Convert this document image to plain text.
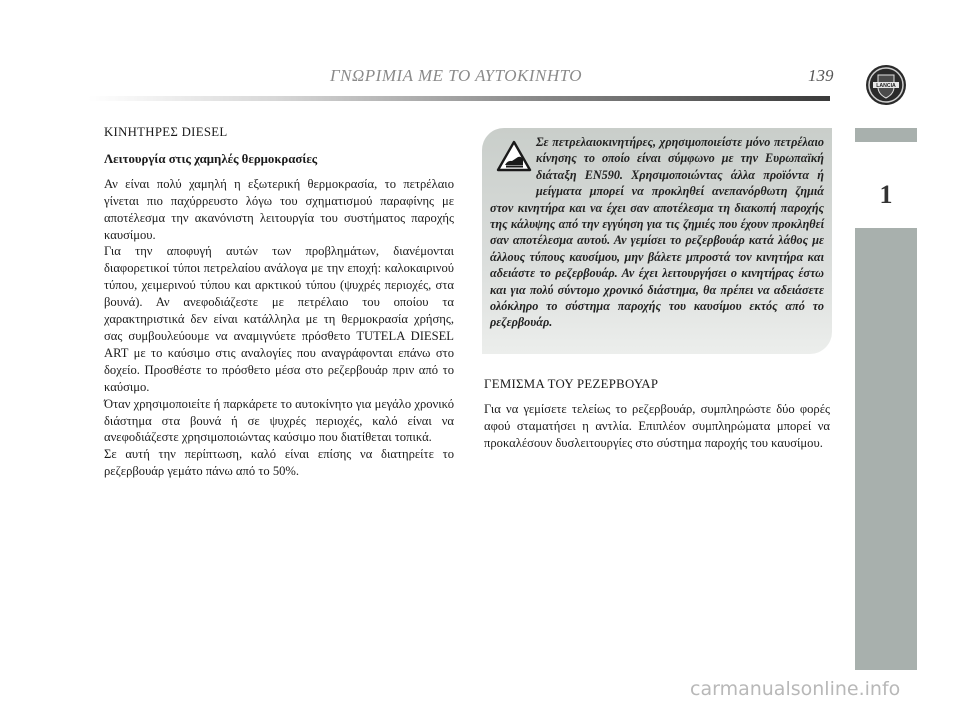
ΓΝΩΡΙΜΙΑ ΜΕ ΤΟ ΑΥΤΟΚΙΝΗΤΟ	139
LANCIA
1
ΚΙΝΗΤΗΡΕΣ DIESEL
Λειτουργία στις χαμηλές θερμοκρασίες

Αν είναι πολύ χαμηλή η εξωτερική θερμοκρασία, το πετρέλαιο γίνεται πιο παχύρρευστο λόγω του σχηματισμού παραφίνης με αποτέλεσμα την ακανόνιστη λειτουργία του συστήματος παροχής καυσίμου.

Για την αποφυγή αυτών των προβλημάτων, διανέμονται διαφορετικοί τύποι πετρελαίου ανάλογα με την εποχή: καλοκαιρινού τύπου, χειμερινού τύπου και αρκτικού τύπου (ψυχρές περιοχές, στα βουνά). Αν ανεφοδιάζεστε με πετρέλαιο του οποίου τα χαρακτηριστικά δεν είναι κατάλληλα με τη θερμοκρασία χρήσης, σας συμβουλεύουμε να αναμιγνύετε πρόσθετο TUTELA DIESEL ART με το καύσιμο στις αναλογίες που αναγράφονται επάνω στο δοχείο. Προσθέστε το πρόσθετο μέσα στο ρεζερβουάρ πριν από το καύσιμο.

Όταν χρησιμοποιείτε ή παρκάρετε το αυτοκίνητο για μεγάλο χρονικό διάστημα στα βουνά ή σε ψυχρές περιοχές, καλό είναι να ανεφοδιάζεστε χρησιμοποιώντας καύσιμο που διατίθεται τοπικά.

Σε αυτή την περίπτωση, καλό είναι επίσης να διατηρείτε το ρεζερβουάρ γεμάτο πάνω από το 50%.

Σε πετρελαιοκινητήρες, χρησιμοποιείστε μόνο πετρέλαιο κίνησης το οποίο είναι σύμφωνο με την Ευρωπαϊκή διάταξη EN590. Χρησιμοποιώντας άλλα προϊόντα ή μείγματα μπορεί να προκληθεί ανεπανόρθωτη ζημιά στον κινητήρα και να έχει σαν αποτέλεσμα τη διακοπή παροχής της κάλυψης από την εγγύηση για τις ζημιές που έχουν προκληθεί σαν αποτέλεσμα αυτού. Αν γεμίσει το ρεζερβουάρ κατά λάθος με άλλους τύπους καυσίμου, μην βάλετε μπροστά τον κινητήρα και αδειάστε το ρεζερβουάρ. Αν έχει λειτουργήσει ο κινητήρας έστω και για πολύ σύντομο χρονικό διάστημα, θα πρέπει να αδειάσετε ολόκληρο το σύστημα παροχής του καυσίμου εκτός από το ρεζερβουάρ.
ΓΕΜΙΣΜΑ ΤΟΥ ΡΕΖΕΡΒΟΥΑΡ

Για να γεμίσετε τελείως το ρεζερβουάρ, συμπληρώστε δύο φορές αφού σταματήσει η αντλία. Επιπλέον συμπληρώματα μπορεί να προκαλέσουν δυσλειτουργίες στο σύστημα παροχής του καυσίμου.

carmanualsonline.info
